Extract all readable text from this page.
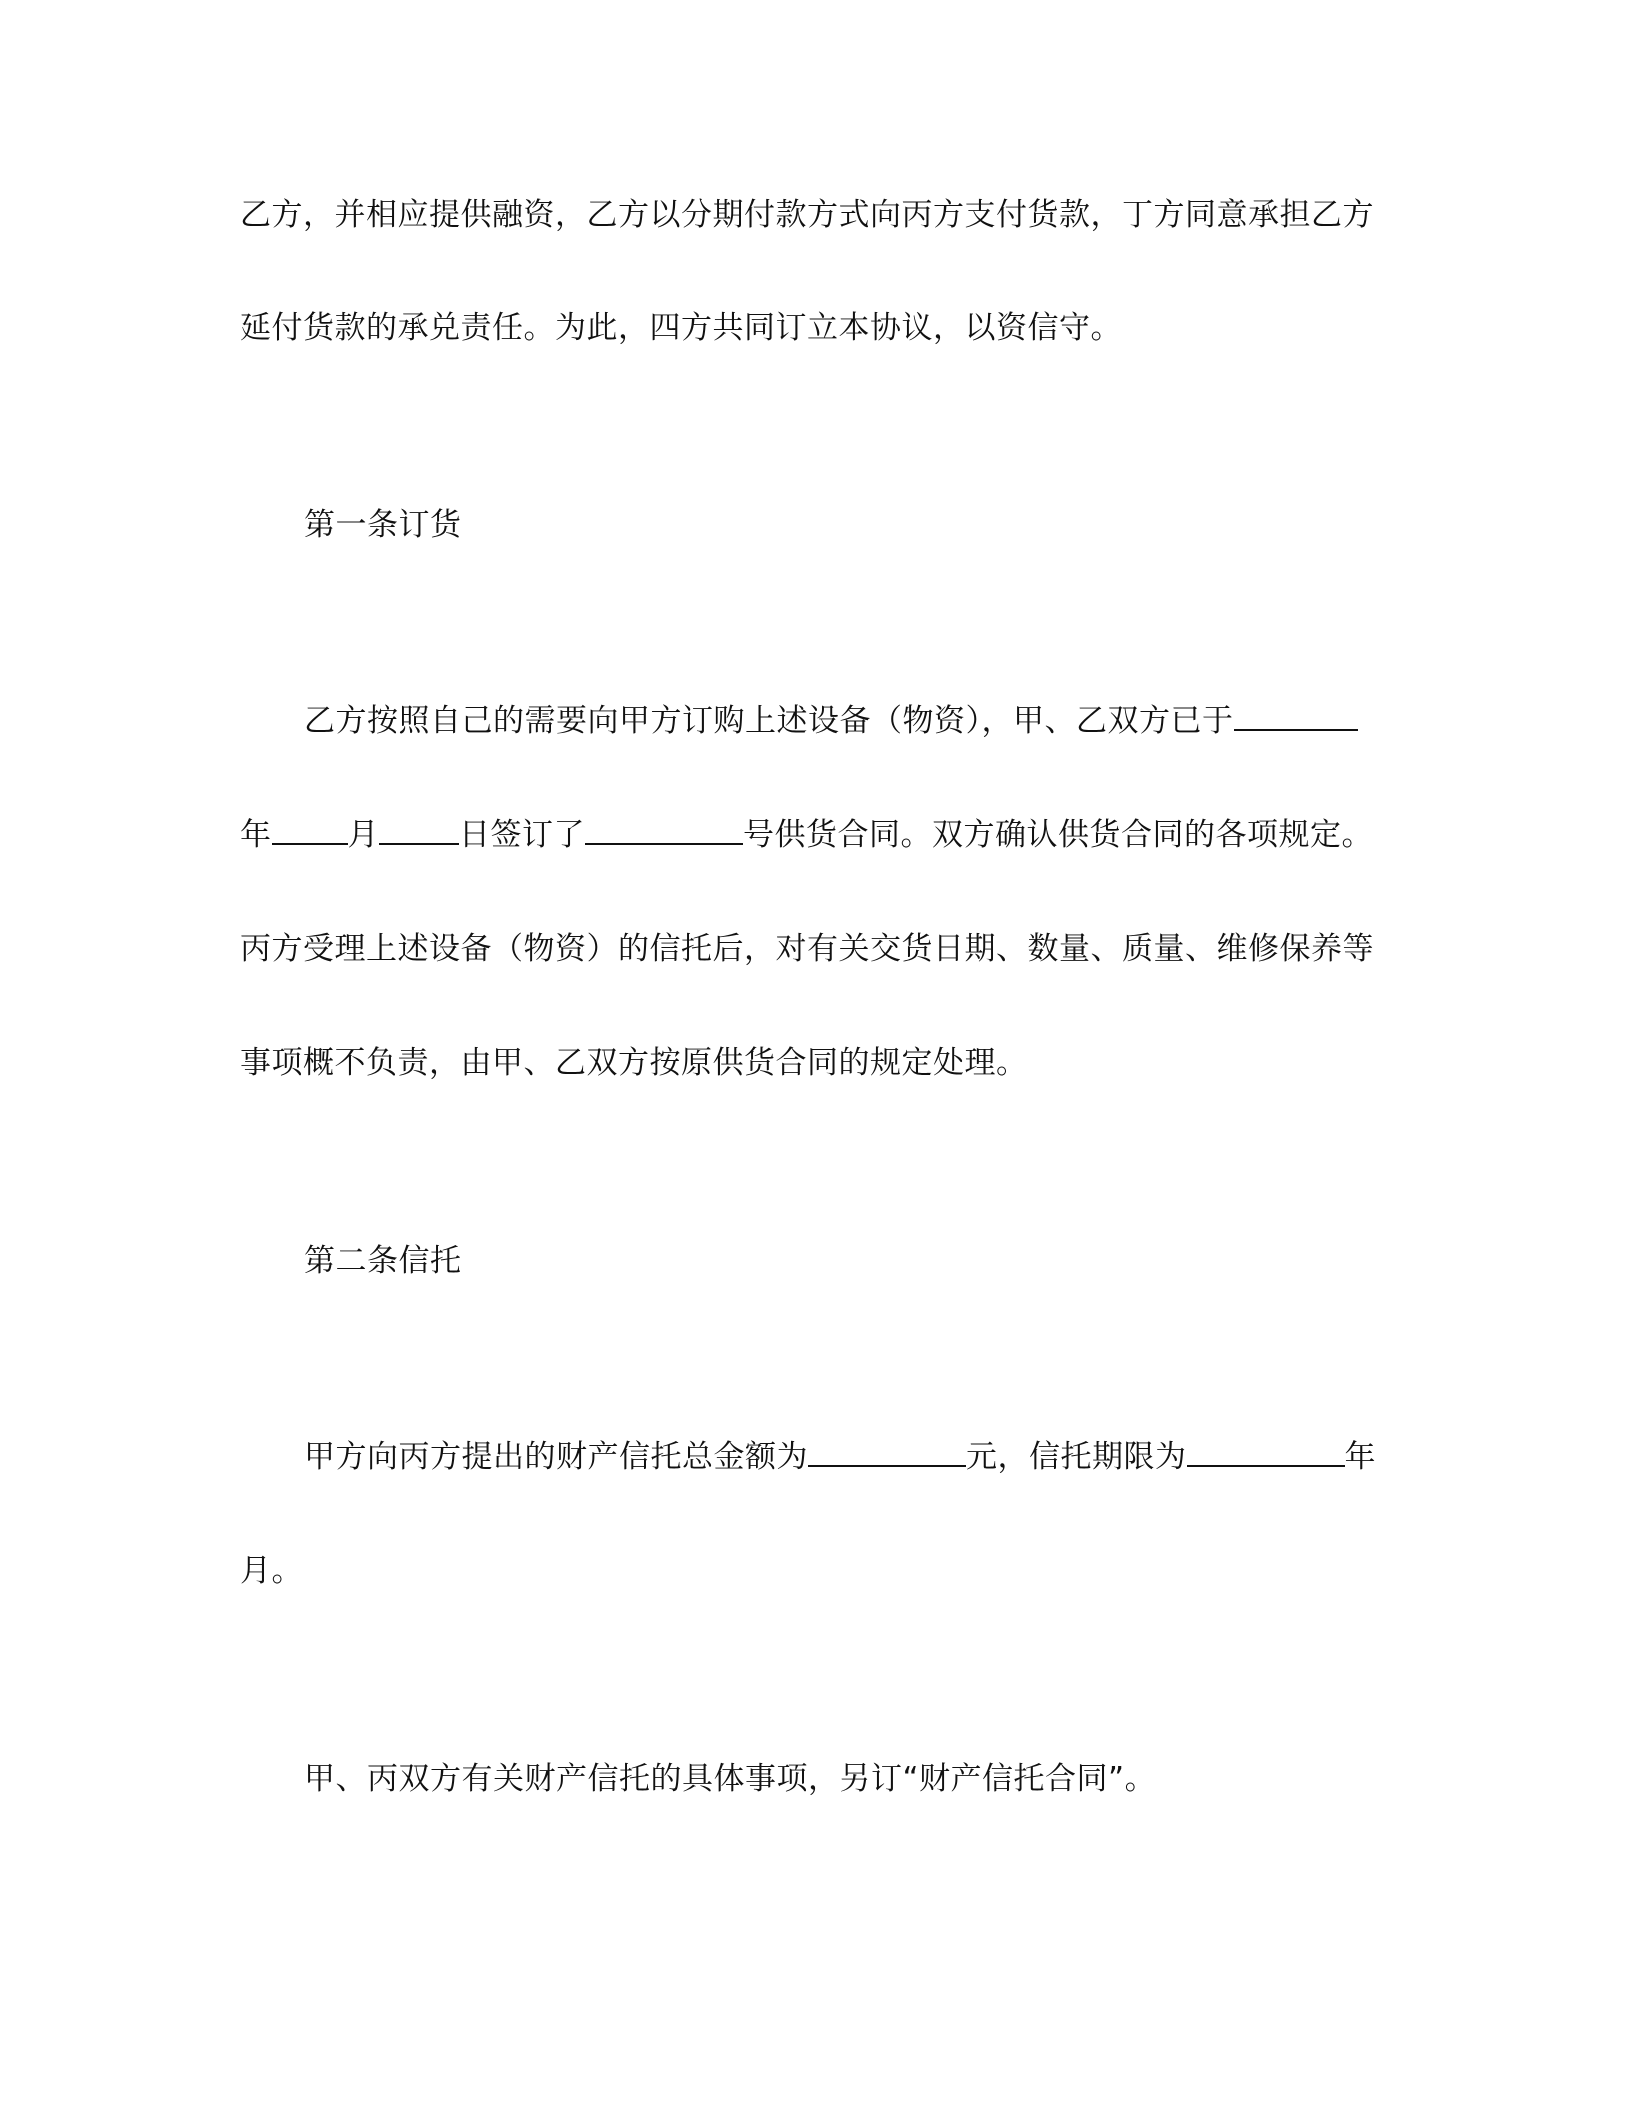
乙方，并相应提供融资，乙方以分期付款方式向丙方支付货款，丁方同意承担乙方
延付货款的承兑责任。为此，四方共同订立本协议，以资信守。
第一条订货
乙方按照自己的需要向甲方订购上述设备（物资），甲、乙双方已于
年 月	日签订了	号供货合同。双方确认供货合同的各项规定。
丙方受理上述设备（物资）的信托后，对有关交货日期、数量、质量、维修保养等
事项概不负责，由甲、乙双方按原供货合同的规定处理。
第二条信托
甲方向丙方提出的财产信托总金额为	元，信托期限为	年
月。
甲、丙双方有关财产信托的具体事项，另订“财产信托合同”。
